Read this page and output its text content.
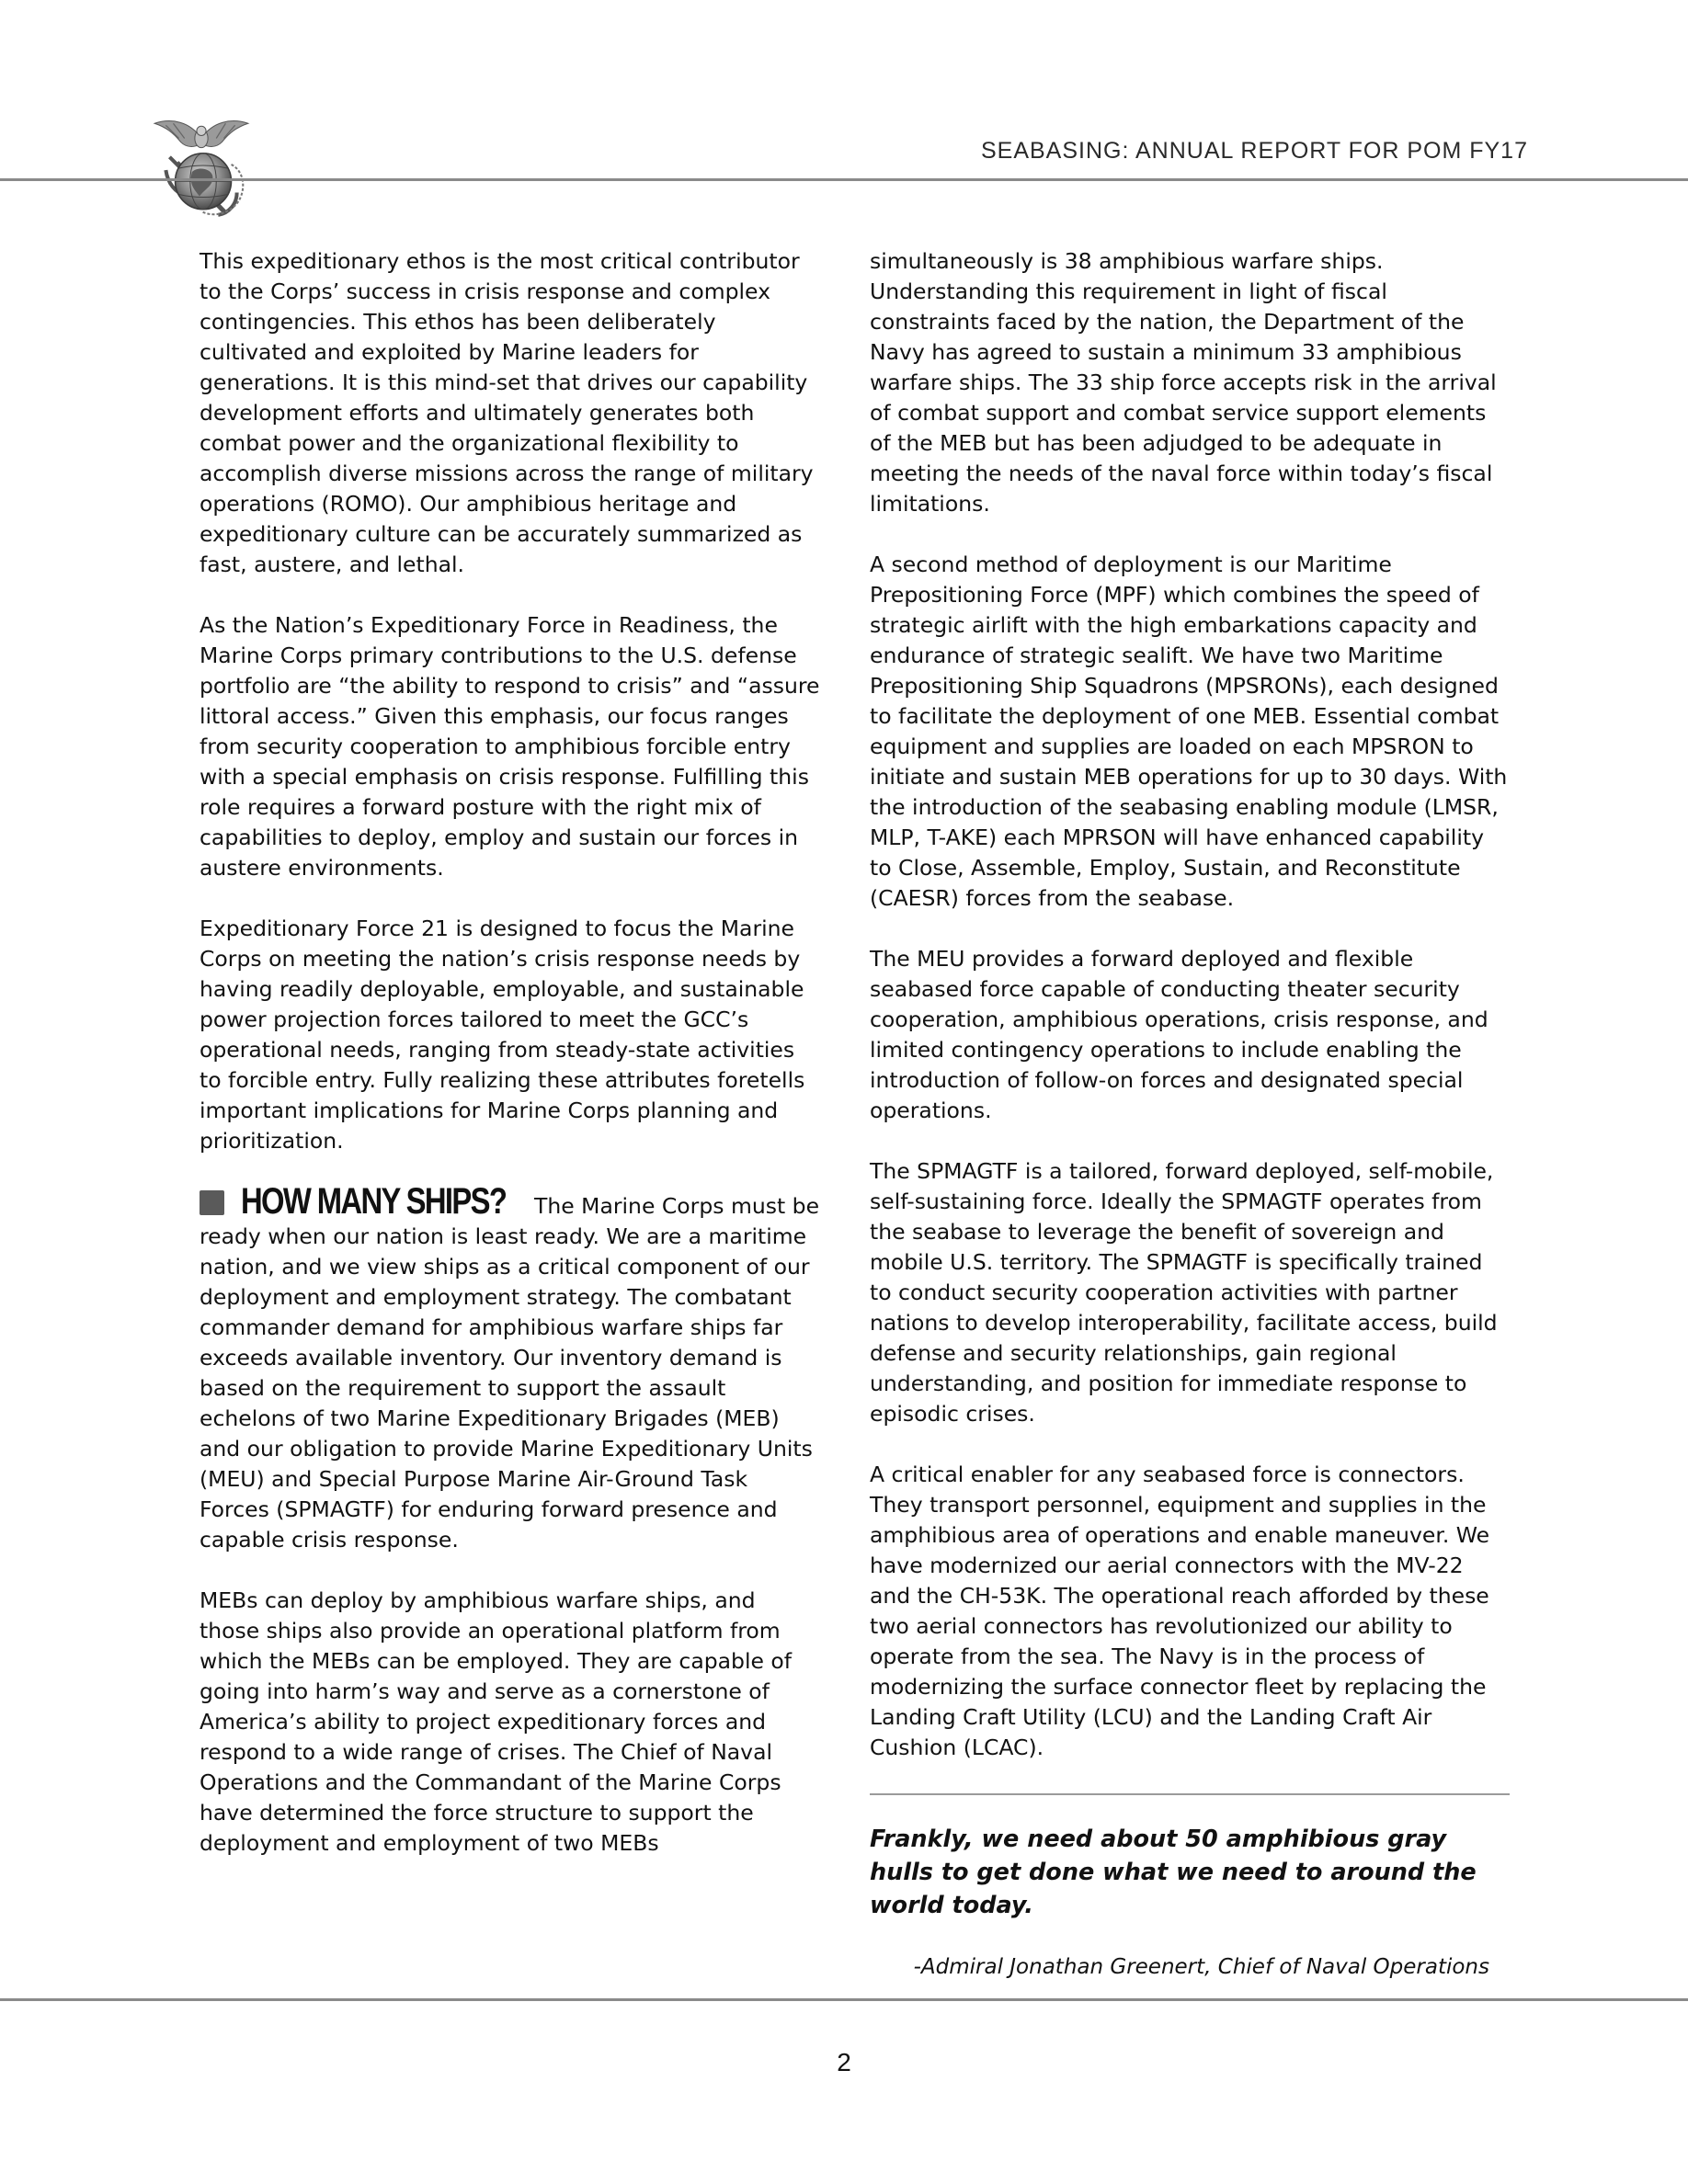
SEABASING: ANNUAL REPORT FOR POM FY17

This expeditionary ethos is the most critical contributor to the Corps’ success in crisis response and complex contingencies. This ethos has been deliberately cultivated and exploited by Marine leaders for generations. It is this mind-set that drives our capability development efforts and ultimately generates both combat power and the organizational flexibility to accomplish diverse missions across the range of military operations (ROMO). Our amphibious heritage and expeditionary culture can be accurately summarized as fast, austere, and lethal.

As the Nation’s Expeditionary Force in Readiness, the Marine Corps primary contributions to the U.S. defense portfolio are “the ability to respond to crisis” and “assure littoral access.” Given this emphasis, our focus ranges from security cooperation to amphibious forcible entry with a special emphasis on crisis response. Fulfilling this role requires a forward posture with the right mix of capabilities to deploy, employ and sustain our forces in austere environments.

Expeditionary Force 21 is designed to focus the Marine Corps on meeting the nation’s crisis response needs by having readily deployable, employable, and sustainable power projection forces tailored to meet the GCC’s operational needs, ranging from steady-state activities to forcible entry. Fully realizing these attributes foretells important implications for Marine Corps planning and prioritization.

HOW MANY SHIPS? The Marine Corps must be ready when our nation is least ready. We are a maritime nation, and we view ships as a critical component of our deployment and employment strategy. The combatant commander demand for amphibious warfare ships far exceeds available inventory. Our inventory demand is based on the requirement to support the assault echelons of two Marine Expeditionary Brigades (MEB) and our obligation to provide Marine Expeditionary Units (MEU) and Special Purpose Marine Air-Ground Task Forces (SPMAGTF) for enduring forward presence and capable crisis response.

MEBs can deploy by amphibious warfare ships, and those ships also provide an operational platform from which the MEBs can be employed. They are capable of going into harm’s way and serve as a cornerstone of America’s ability to project expeditionary forces and respond to a wide range of crises. The Chief of Naval Operations and the Commandant of the Marine Corps have determined the force structure to support the deployment and employment of two MEBs

simultaneously is 38 amphibious warfare ships. Understanding this requirement in light of fiscal constraints faced by the nation, the Department of the Navy has agreed to sustain a minimum 33 amphibious warfare ships. The 33 ship force accepts risk in the arrival of combat support and combat service support elements of the MEB but has been adjudged to be adequate in meeting the needs of the naval force within today’s fiscal limitations.

A second method of deployment is our Maritime Prepositioning Force (MPF) which combines the speed of strategic airlift with the high embarkations capacity and endurance of strategic sealift. We have two Maritime Prepositioning Ship Squadrons (MPSRONs), each designed to facilitate the deployment of one MEB. Essential combat equipment and supplies are loaded on each MPSRON to initiate and sustain MEB operations for up to 30 days. With the introduction of the seabasing enabling module (LMSR, MLP, T-AKE) each MPRSON will have enhanced capability to Close, Assemble, Employ, Sustain, and Reconstitute (CAESR) forces from the seabase.

The MEU provides a forward deployed and flexible seabased force capable of conducting theater security cooperation, amphibious operations, crisis response, and limited contingency operations to include enabling the introduction of follow-on forces and designated special operations.

The SPMAGTF is a tailored, forward deployed, self-mobile, self-sustaining force. Ideally the SPMAGTF operates from the seabase to leverage the benefit of sovereign and mobile U.S. territory. The SPMAGTF is specifically trained to conduct security cooperation activities with partner nations to develop interoperability, facilitate access, build defense and security relationships, gain regional understanding, and position for immediate response to episodic crises.

A critical enabler for any seabased force is connectors. They transport personnel, equipment and supplies in the amphibious area of operations and enable maneuver. We have modernized our aerial connectors with the MV-22 and the CH-53K. The operational reach afforded by these two aerial connectors has revolutionized our ability to operate from the sea. The Navy is in the process of modernizing the surface connector fleet by replacing the Landing Craft Utility (LCU) and the Landing Craft Air Cushion (LCAC).

Frankly, we need about 50 amphibious gray hulls to get done what we need to around the world today.

-Admiral Jonathan Greenert, Chief of Naval Operations
2
